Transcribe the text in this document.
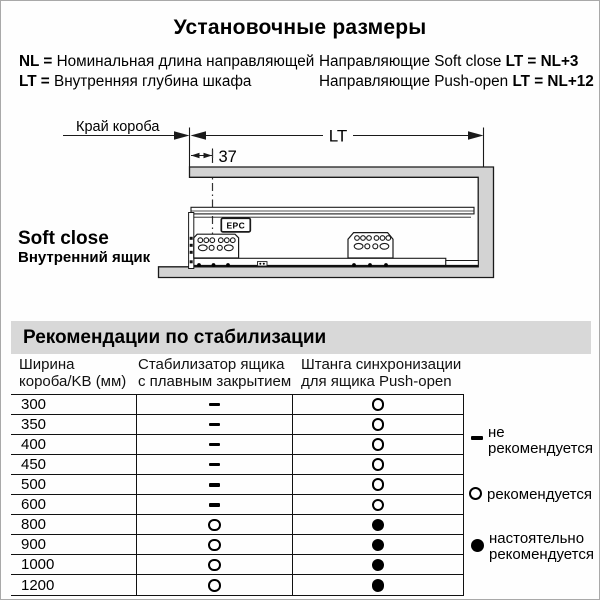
Установочные размеры
NL = Номинальная длина направляющей
LT = Внутренняя глубина шкафа
Направляющие Soft close LT = NL+3
Направляющие Push-open LT = NL+12
EPC
Край короба	LT
37
Soft close
Внутренний ящик
Рекомендации по стабилизации
Ширина
короба/KB (мм)
Стабилизатор ящика
с плавным закрытием
Штанга синхронизации
для ящика Push-open
300
350
400
450
500
600
800
900
1000
1200
не
рекомендуется
рекомендуется
настоятельно
рекомендуется
